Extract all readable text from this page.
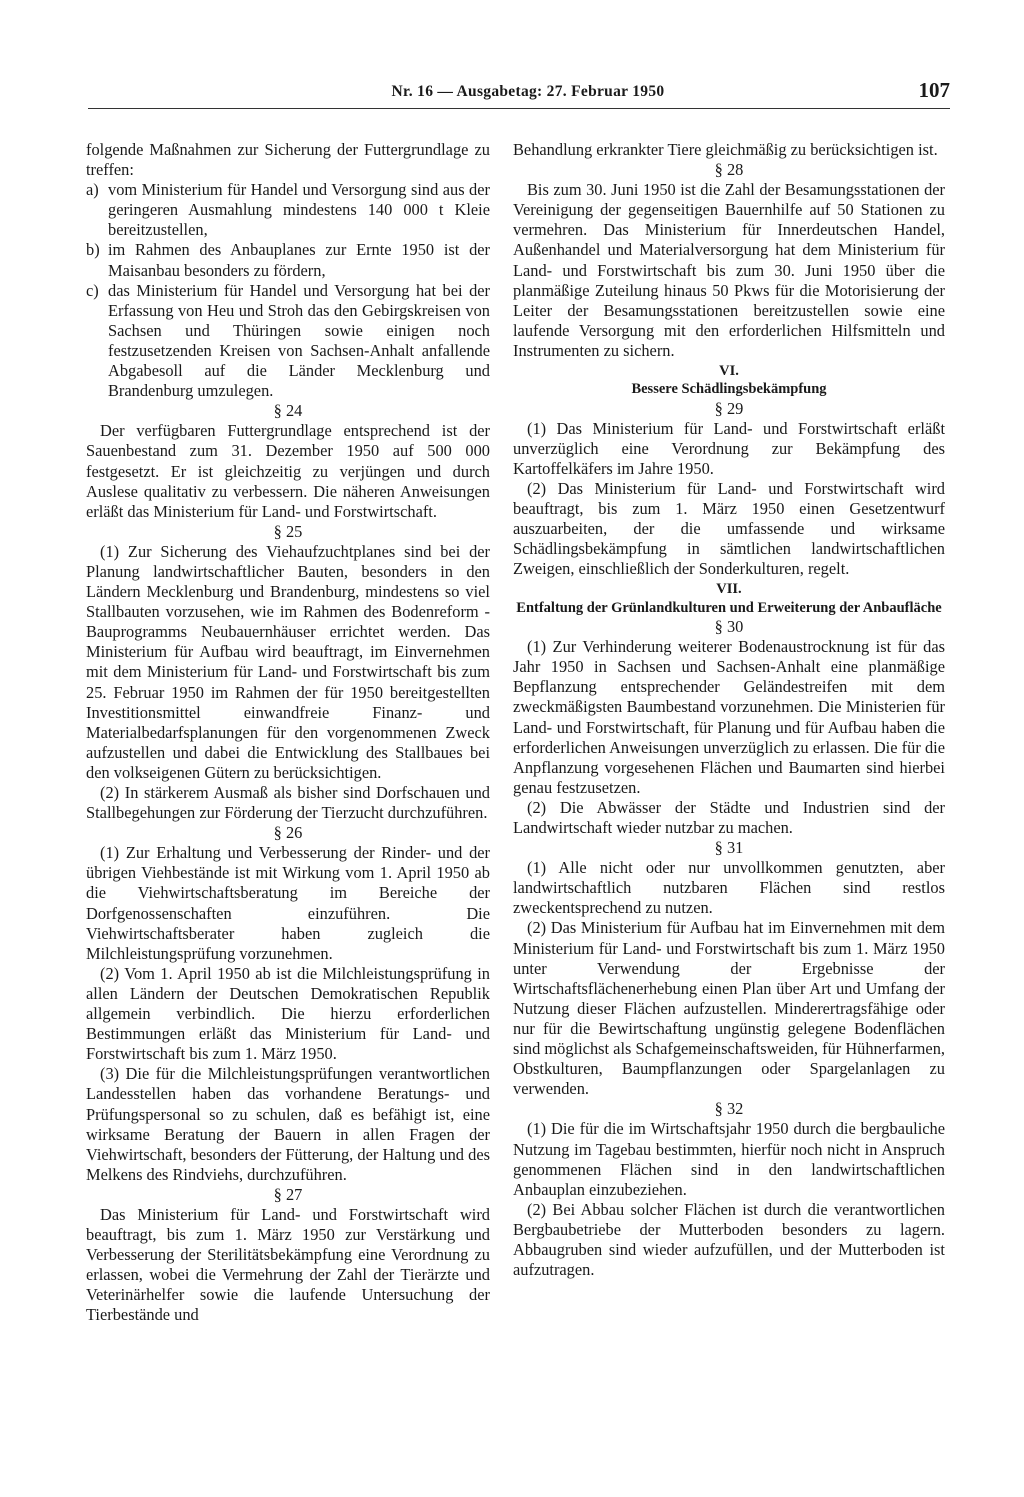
Nr. 16 — Ausgabetag: 27. Februar 1950	107

folgende Maßnahmen zur Sicherung der Futtergrundlage zu treffen:

a) vom Ministerium für Handel und Versorgung sind aus der geringeren Ausmahlung mindestens 140 000 t Kleie bereitzustellen,
b) im Rahmen des Anbauplanes zur Ernte 1950 ist der Maisanbau besonders zu fördern,
c) das Ministerium für Handel und Versorgung hat bei der Erfassung von Heu und Stroh das den Gebirgskreisen von Sachsen und Thüringen sowie einigen noch festzusetzenden Kreisen von Sachsen-Anhalt anfallende Abgabesoll auf die Länder Mecklenburg und Brandenburg umzulegen.

§ 24

Der verfügbaren Futtergrundlage entsprechend ist der Sauenbestand zum 31. Dezember 1950 auf 500 000 festgesetzt. Er ist gleichzeitig zu verjüngen und durch Auslese qualitativ zu verbessern. Die näheren Anweisungen erläßt das Ministerium für Land- und Forstwirtschaft.

§ 25

(1) Zur Sicherung des Viehaufzuchtplanes sind bei der Planung landwirtschaftlicher Bauten, besonders in den Ländern Mecklenburg und Brandenburg, mindestens so viel Stallbauten vorzusehen, wie im Rahmen des Bodenreform - Bauprogramms Neubauernhäuser errichtet werden. Das Ministerium für Aufbau wird beauftragt, im Einvernehmen mit dem Ministerium für Land- und Forstwirtschaft bis zum 25. Februar 1950 im Rahmen der für 1950 bereitgestellten Investitionsmittel einwandfreie Finanz- und Materialbedarfsplanungen für den vorgenommenen Zweck aufzustellen und dabei die Entwicklung des Stallbaues bei den volkseigenen Gütern zu berücksichtigen.

(2) In stärkerem Ausmaß als bisher sind Dorfschauen und Stallbegehungen zur Förderung der Tierzucht durchzuführen.

§ 26

(1) Zur Erhaltung und Verbesserung der Rinder- und der übrigen Viehbestände ist mit Wirkung vom 1. April 1950 ab die Viehwirtschaftsberatung im Bereiche der Dorfgenossenschaften einzuführen. Die Viehwirtschaftsberater haben zugleich die Milchleistungsprüfung vorzunehmen.

(2) Vom 1. April 1950 ab ist die Milchleistungsprüfung in allen Ländern der Deutschen Demokratischen Republik allgemein verbindlich. Die hierzu erforderlichen Bestimmungen erläßt das Ministerium für Land- und Forstwirtschaft bis zum 1. März 1950.

(3) Die für die Milchleistungsprüfungen verantwortlichen Landesstellen haben das vorhandene Beratungs- und Prüfungspersonal so zu schulen, daß es befähigt ist, eine wirksame Beratung der Bauern in allen Fragen der Viehwirtschaft, besonders der Fütterung, der Haltung und des Melkens des Rindviehs, durchzuführen.

§ 27

Das Ministerium für Land- und Forstwirtschaft wird beauftragt, bis zum 1. März 1950 zur Verstärkung und Verbesserung der Sterilitätsbekämpfung eine Verordnung zu erlassen, wobei die Vermehrung der Zahl der Tierärzte und Veterinärhelfer sowie die laufende Untersuchung der Tierbestände und

Behandlung erkrankter Tiere gleichmäßig zu berücksichtigen ist.

§ 28

Bis zum 30. Juni 1950 ist die Zahl der Besamungsstationen der Vereinigung der gegenseitigen Bauernhilfe auf 50 Stationen zu vermehren. Das Ministerium für Innerdeutschen Handel, Außenhandel und Materialversorgung hat dem Ministerium für Land- und Forstwirtschaft bis zum 30. Juni 1950 über die planmäßige Zuteilung hinaus 50 Pkws für die Motorisierung der Leiter der Besamungsstationen bereitzustellen sowie eine laufende Versorgung mit den erforderlichen Hilfsmitteln und Instrumenten zu sichern.

VI.

Bessere Schädlingsbekämpfung

§ 29

(1) Das Ministerium für Land- und Forstwirtschaft erläßt unverzüglich eine Verordnung zur Bekämpfung des Kartoffelkäfers im Jahre 1950.

(2) Das Ministerium für Land- und Forstwirtschaft wird beauftragt, bis zum 1. März 1950 einen Gesetzentwurf auszuarbeiten, der die umfassende und wirksame Schädlingsbekämpfung in sämtlichen landwirtschaftlichen Zweigen, einschließlich der Sonderkulturen, regelt.

VII.

Entfaltung der Grünlandkulturen und Erweiterung der Anbaufläche

§ 30

(1) Zur Verhinderung weiterer Bodenaustrocknung ist für das Jahr 1950 in Sachsen und Sachsen-Anhalt eine planmäßige Bepflanzung entsprechender Geländestreifen mit dem zweckmäßigsten Baumbestand vorzunehmen. Die Ministerien für Land- und Forstwirtschaft, für Planung und für Aufbau haben die erforderlichen Anweisungen unverzüglich zu erlassen. Die für die Anpflanzung vorgesehenen Flächen und Baumarten sind hierbei genau festzusetzen.

(2) Die Abwässer der Städte und Industrien sind der Landwirtschaft wieder nutzbar zu machen.

§ 31

(1) Alle nicht oder nur unvollkommen genutzten, aber landwirtschaftlich nutzbaren Flächen sind restlos zweckentsprechend zu nutzen.

(2) Das Ministerium für Aufbau hat im Einvernehmen mit dem Ministerium für Land- und Forstwirtschaft bis zum 1. März 1950 unter Verwendung der Ergebnisse der Wirtschaftsflächenerhebung einen Plan über Art und Umfang der Nutzung dieser Flächen aufzustellen. Minderertragsfähige oder nur für die Bewirtschaftung ungünstig gelegene Bodenflächen sind möglichst als Schafgemeinschaftsweiden, für Hühnerfarmen, Obstkulturen, Baumpflanzungen oder Spargelanlagen zu verwenden.

§ 32

(1) Die für die im Wirtschaftsjahr 1950 durch die bergbauliche Nutzung im Tagebau bestimmten, hierfür noch nicht in Anspruch genommenen Flächen sind in den landwirtschaftlichen Anbauplan einzubeziehen.

(2) Bei Abbau solcher Flächen ist durch die verantwortlichen Bergbaubetriebe der Mutterboden besonders zu lagern. Abbaugruben sind wieder aufzufüllen, und der Mutterboden ist aufzutragen.
